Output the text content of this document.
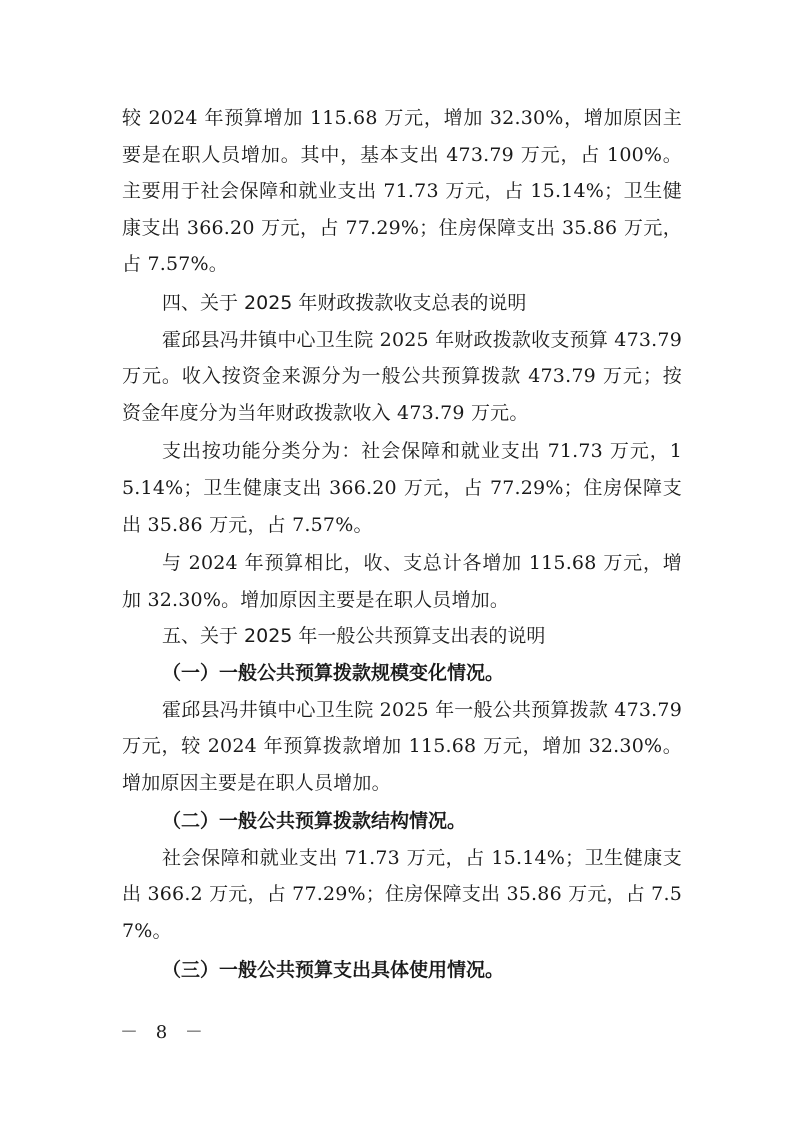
较 2024 年预算增加 115.68 万元，增加 32.30%，增加原因主要是在职人员增加。其中，基本支出 473.79 万元，占 100%。主要用于社会保障和就业支出 71.73 万元，占 15.14%；卫生健康支出 366.20 万元，占 77.29%；住房保障支出 35.86 万元，占 7.57%。

四、关于 2025 年财政拨款收支总表的说明

霍邱县冯井镇中心卫生院 2025 年财政拨款收支预算 473.79 万元。收入按资金来源分为一般公共预算拨款 473.79 万元；按资金年度分为当年财政拨款收入 473.79 万元。

支出按功能分类分为：社会保障和就业支出 71.73 万元，15.14%；卫生健康支出 366.20 万元，占 77.29%；住房保障支出 35.86 万元，占 7.57%。

与 2024 年预算相比，收、支总计各增加 115.68 万元，增加 32.30%。增加原因主要是在职人员增加。

五、关于 2025 年一般公共预算支出表的说明
（一）一般公共预算拨款规模变化情况。

霍邱县冯井镇中心卫生院 2025 年一般公共预算拨款 473.79 万元，较 2024 年预算拨款增加 115.68 万元，增加 32.30%。增加原因主要是在职人员增加。

（二）一般公共预算拨款结构情况。

社会保障和就业支出 71.73 万元，占 15.14%；卫生健康支出 366.2 万元，占 77.29%；住房保障支出 35.86 万元，占 7.57%。

（三）一般公共预算支出具体使用情况。
－ 8 －
